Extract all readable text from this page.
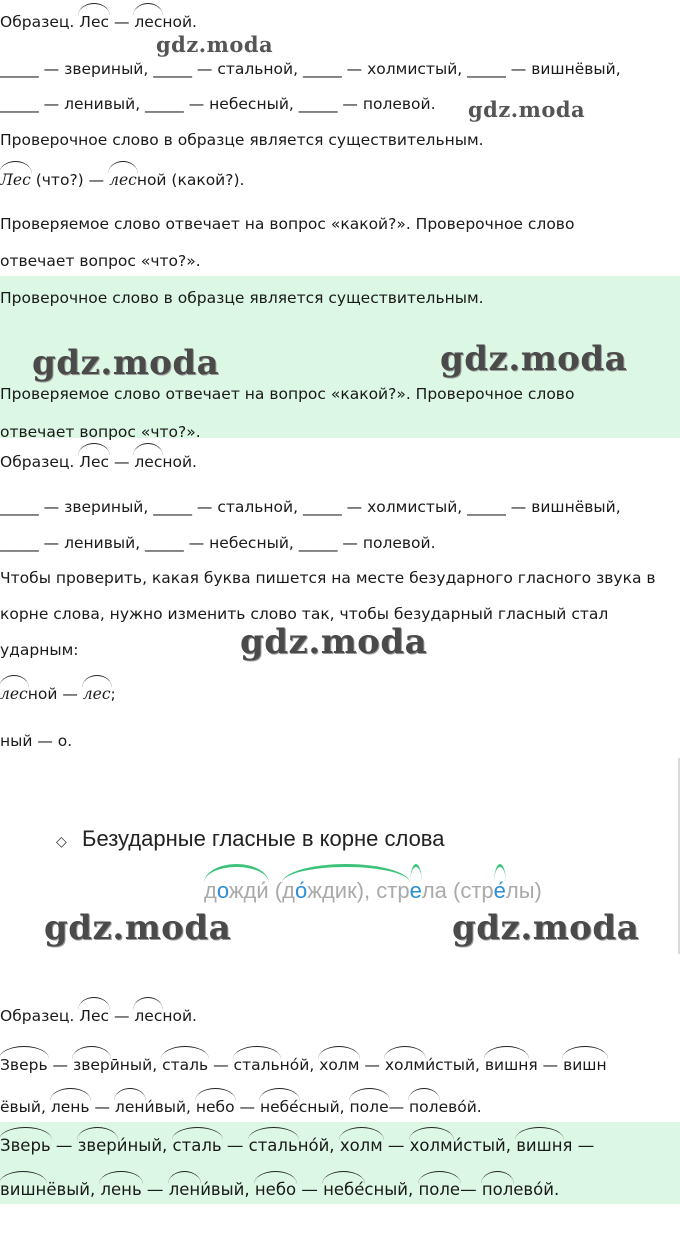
Образец. Лес — лесной.
gdz.moda
_____ — звериный, _____ — стальной, _____ — холмистый, _____ — вишнёвый,
_____ — ленивый, _____ — небесный, _____ — полевой. gdz.moda
Проверочное слово в образце является существительным.
Лес (что?) — лесной (какой?).
Проверяемое слово отвечает на вопрос «какой?». Проверочное слово
отвечает вопрос «что?».
Проверочное слово в образце является существительным.
gdz.moda	gdz.moda
Проверяемое слово отвечает на вопрос «какой?». Проверочное слово
отвечает вопрос «что?».
Образец. Лес — лесной.
_____ — звериный, _____ — стальной, _____ — холмистый, _____ — вишнёвый,
_____ — ленивый, _____ — небесный, _____ — полевой.
Чтобы проверить, какая буква пишется на месте безударного гласного звука в
корне слова, нужно изменить слово так, чтобы безударный гласный стал
gdz.moda
ударным:
лесной — лес;
ный — о.
◇ Безударные гласные в корне слова
дожди́ (до́ждик), стрела (стре́лы)
gdz.moda	gdz.moda
Образец. Лес — лесной.
Зверь — зверӣный, сталь — стально́й, холм — холми́стый, вишня — вишн
ёвый, лень — лени́вый, небо — небе́сный, поле— полево́й.
Зверь — звери́ный, сталь — стально́й, холм — холми́стый, вишня —
вишнёвый, лень — лени́вый, небо — небе́сный, поле— полево́й.
